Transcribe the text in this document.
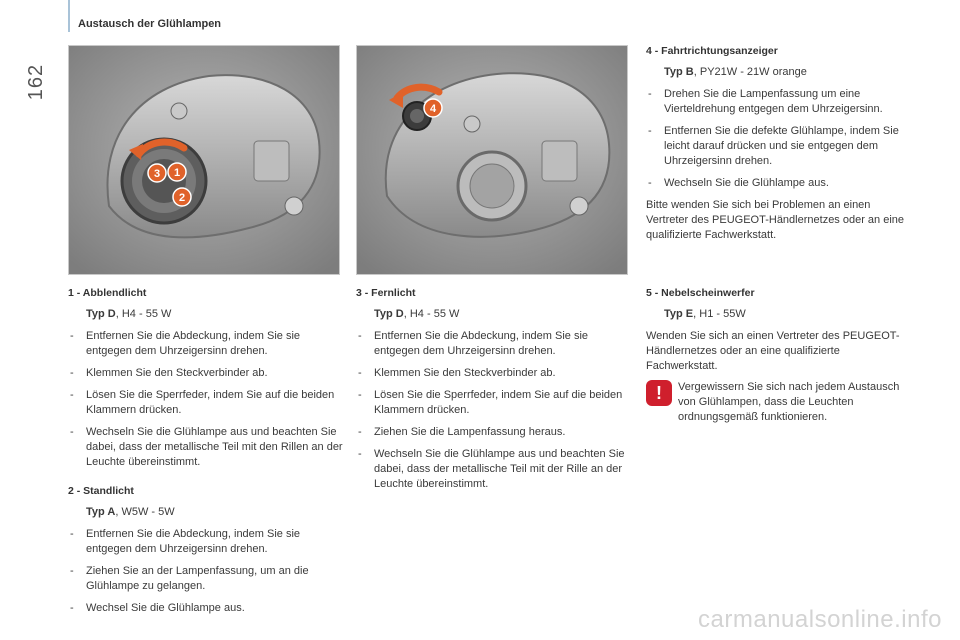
162
Austausch der Glühlampen
3 1
2
4
1 - Abblendlicht
Typ D, H4 - 55 W
- Entfernen Sie die Abdeckung, indem Sie sie entgegen dem Uhrzeigersinn drehen.
- Klemmen Sie den Steckverbinder ab.
- Lösen Sie die Sperrfeder, indem Sie auf die beiden Klammern drücken.
- Wechseln Sie die Glühlampe aus und beachten Sie dabei, dass der metallische Teil mit den Rillen an der Leuchte übereinstimmt.
2 - Standlicht
Typ A, W5W - 5W
- Entfernen Sie die Abdeckung, indem Sie sie entgegen dem Uhrzeigersinn drehen.
- Ziehen Sie an der Lampenfassung, um an die Glühlampe zu gelangen.
- Wechsel Sie die Glühlampe aus.
3 - Fernlicht
Typ D, H4 - 55 W
- Entfernen Sie die Abdeckung, indem Sie sie entgegen dem Uhrzeigersinn drehen.
- Klemmen Sie den Steckverbinder ab.
- Lösen Sie die Sperrfeder, indem Sie auf die beiden Klammern drücken.
- Ziehen Sie die Lampenfassung heraus.
- Wechseln Sie die Glühlampe aus und beachten Sie dabei, dass der metallische Teil mit der Rille an der Leuchte übereinstimmt.
4 - Fahrtrichtungsanzeiger
Typ B, PY21W - 21W orange
- Drehen Sie die Lampenfassung um eine Vierteldrehung entgegen dem Uhrzeigersinn.
- Entfernen Sie die defekte Glühlampe, indem Sie leicht darauf drücken und sie entgegen dem Uhrzeigersinn drehen.
- Wechseln Sie die Glühlampe aus.
Bitte wenden Sie sich bei Problemen an einen Vertreter des PEUGEOT-Händlernetzes oder an eine qualifizierte Fachwerkstatt.
5 - Nebelscheinwerfer
Typ E, H1 - 55W
Wenden Sie sich an einen Vertreter des PEUGEOT-Händlernetzes oder an eine qualifizierte Fachwerkstatt.
!	Vergewissern Sie sich nach jedem Austausch von Glühlampen, dass die Leuchten ordnungsgemäß funktionieren.
carmanualsonline.info
